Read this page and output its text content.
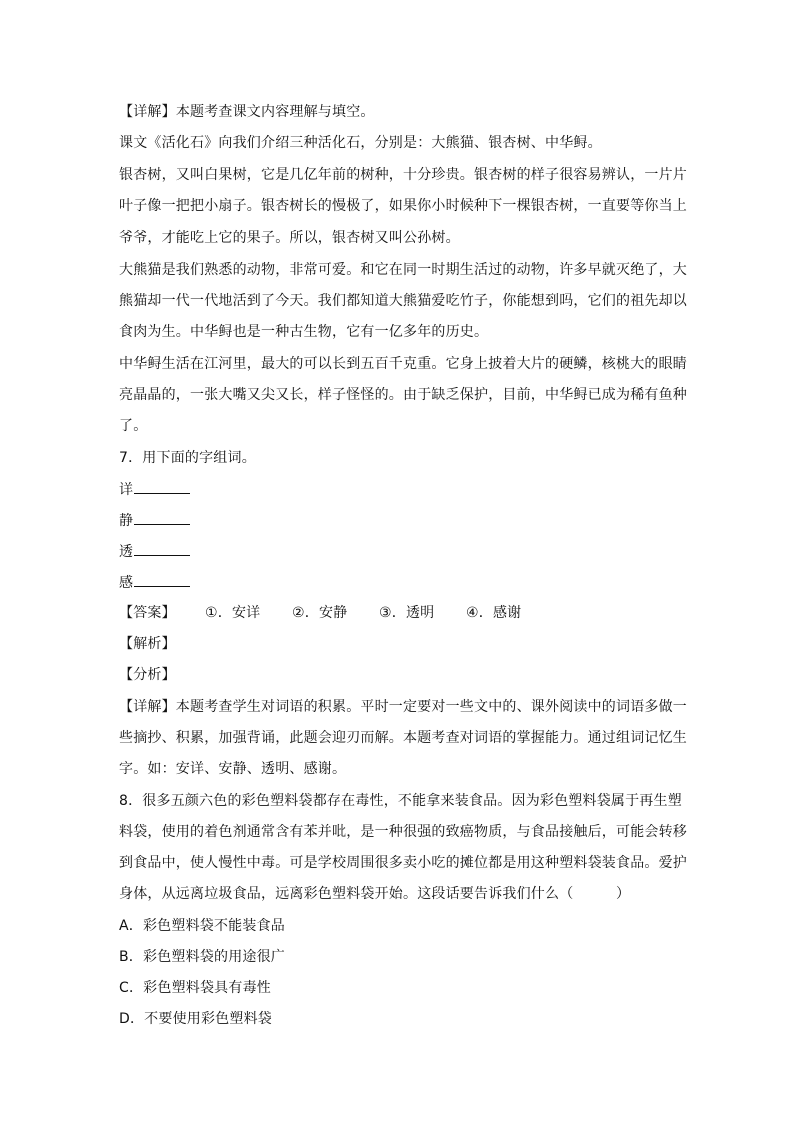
【详解】本题考查课文内容理解与填空。
课文《活化石》向我们介绍三种活化石，分别是：大熊猫、银杏树、中华鲟。
银杏树，又叫白果树，它是几亿年前的树种，十分珍贵。银杏树的样子很容易辨认，一片片
叶子像一把把小扇子。银杏树长的慢极了，如果你小时候种下一棵银杏树，一直要等你当上
爷爷，才能吃上它的果子。所以，银杏树又叫公孙树。
大熊猫是我们熟悉的动物，非常可爱。和它在同一时期生活过的动物，许多早就灭绝了，大
熊猫却一代一代地活到了今天。我们都知道大熊猫爱吃竹子，你能想到吗，它们的祖先却以
食肉为生。中华鲟也是一种古生物，它有一亿多年的历史。
中华鲟生活在江河里，最大的可以长到五百千克重。它身上披着大片的硬鳞，核桃大的眼睛
亮晶晶的，一张大嘴又尖又长，样子怪怪的。由于缺乏保护，目前，中华鲟已成为稀有鱼种
了。
7．用下面的字组词。
详
静
透
感
【答案】 ①．安详 ②．安静 ③．透明 ④．感谢
【解析】
【分析】
【详解】本题考查学生对词语的积累。平时一定要对一些文中的、课外阅读中的词语多做一
些摘抄、积累，加强背诵，此题会迎刃而解。本题考查对词语的掌握能力。通过组词记忆生
字。如：安详、安静、透明、感谢。
8．很多五颜六色的彩色塑料袋都存在毒性，不能拿来装食品。因为彩色塑料袋属于再生塑
料袋，使用的着色剂通常含有苯并吡，是一种很强的致癌物质，与食品接触后，可能会转移
到食品中，使人慢性中毒。可是学校周围很多卖小吃的摊位都是用这种塑料袋装食品。爱护
身体，从远离垃圾食品，远离彩色塑料袋开始。这段话要告诉我们什么（　　　）
A．彩色塑料袋不能装食品
B．彩色塑料袋的用途很广
C．彩色塑料袋具有毒性
D．不要使用彩色塑料袋
